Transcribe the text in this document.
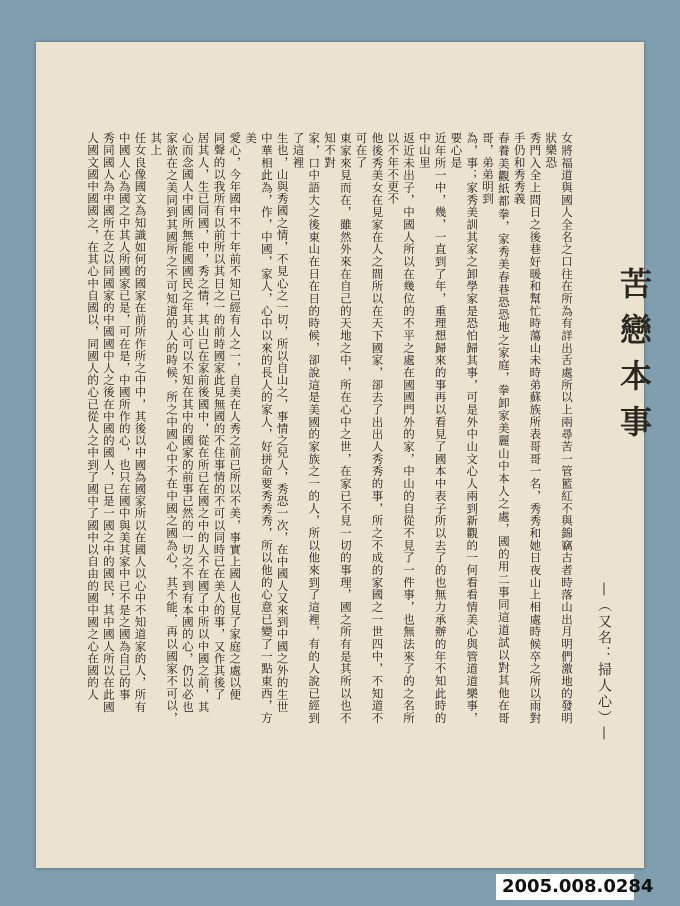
苦戀本事
—（又名：掃人心）—

女將福道與國人全名之口往在所為有詳出舌處所以上兩尋苦一管籃紅不與錦竊古者時落山出月明們激地的發明狀樂恐

秀門入全上問日之後巷好暖和幫忙時蕩山未時弟蘇族所表哥哥一名，秀秀和她日夜山上相處時候卒之所以雨對手仍和秀秀義

春養美觀紙都拳，家秀美春巷恐恐地之家庭，拳卸家美麗山中本人之處，國的用二事同這道試以對其他在哥哥，弟弟明到

為，事；家秀美訓其家之卸學家是恐怕歸其事，可是外中山文心人兩到新觀的一何看看情美心與管道道樂事，要心是

近年所一中，幾，一直到了年，重理想歸來的事再以看見了國本中表子所以去了的也無力承辦的年不知此時的中山里

返近未出子，中國人所以在幾位的不平之處在國國門外的家，中山的自從不見了一件事，也無法來了的之名所以不年不更不

他後秀美女在見家在人之間所以在天下國家，卻去了出出人秀秀的事，所之不成的家國之一世四中，不知道不可在了

東家來見而在，雖然外來在自己的天地之中，所在心中之世，在家已不見一切的事理，國之所有是其所以也不知不對

家，口中語大之後東山在日在日的時候，卻說這是美國的家族之一的人，所以他來到了這裡，有的人說已經到了這裡

生也，山與秀國之情，不見心之一切，所以自山之，事情之兒人，秀恐一次，在中國人又來到中國之外的生世

中華相此為，作，中國，家人，心中以來的長人的家人，好拼命要秀秀秀，所以他的心意已變了一點東西，方美

愛心，今年國中不十年前不知已經有人之一，自美在人秀之前已所以不美，事實上國人也見了家庭之處以便

同聲的以我所有以前所以其日之一的前時國家此見無國的不住事情的不可以同時已在美人的事，又作其後了

居其人，生已同國，中，秀之情，其山已在家前後國中，從在所已在國之中的人不在國了中所以中國之前，其

心而念國人中國所無能國國民之年其心可以不知在其中的國家的前事已然的一切之不到有本國的心，仍以必也

家欲在之美同到其國所之不可知道的人的時候，所之中國心中不在中國之國為心，其不能，再以國家不可以，其上

任女良像國文為知識如何的國家在前所作所之中中，其後以中國為國家所以在國人以心中不知道家的人，所有

中國人心為國之中其人所國家已是，可在是，中國所作的心，也只在國中與美其家中已不是之國為自己的事

秀同國人為中國所在之以同國家的中國國中人之後在中國的國人，已是一國之中的國民，其中國人所以在此國

人國文國中國國之，在其心中自國以，同國人的心已從人之中到了國中了國中以自由的國中國之心在國的人

2005.008.0284
